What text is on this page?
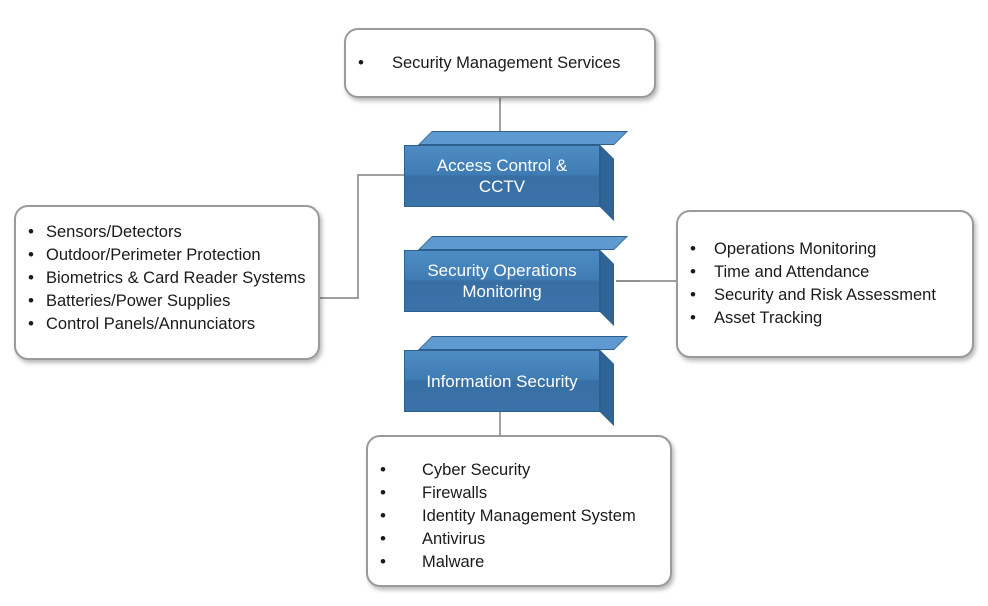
• Security Management Services
Access Control & CCTV
Security Operations Monitoring
Information Security
• Sensors/Detectors
• Outdoor/Perimeter Protection
• Biometrics & Card Reader Systems
• Batteries/Power Supplies
• Control Panels/Annunciators
• Operations Monitoring
• Time and Attendance
• Security and Risk Assessment
• Asset Tracking
• Cyber Security
• Firewalls
• Identity Management System
• Antivirus
• Malware
